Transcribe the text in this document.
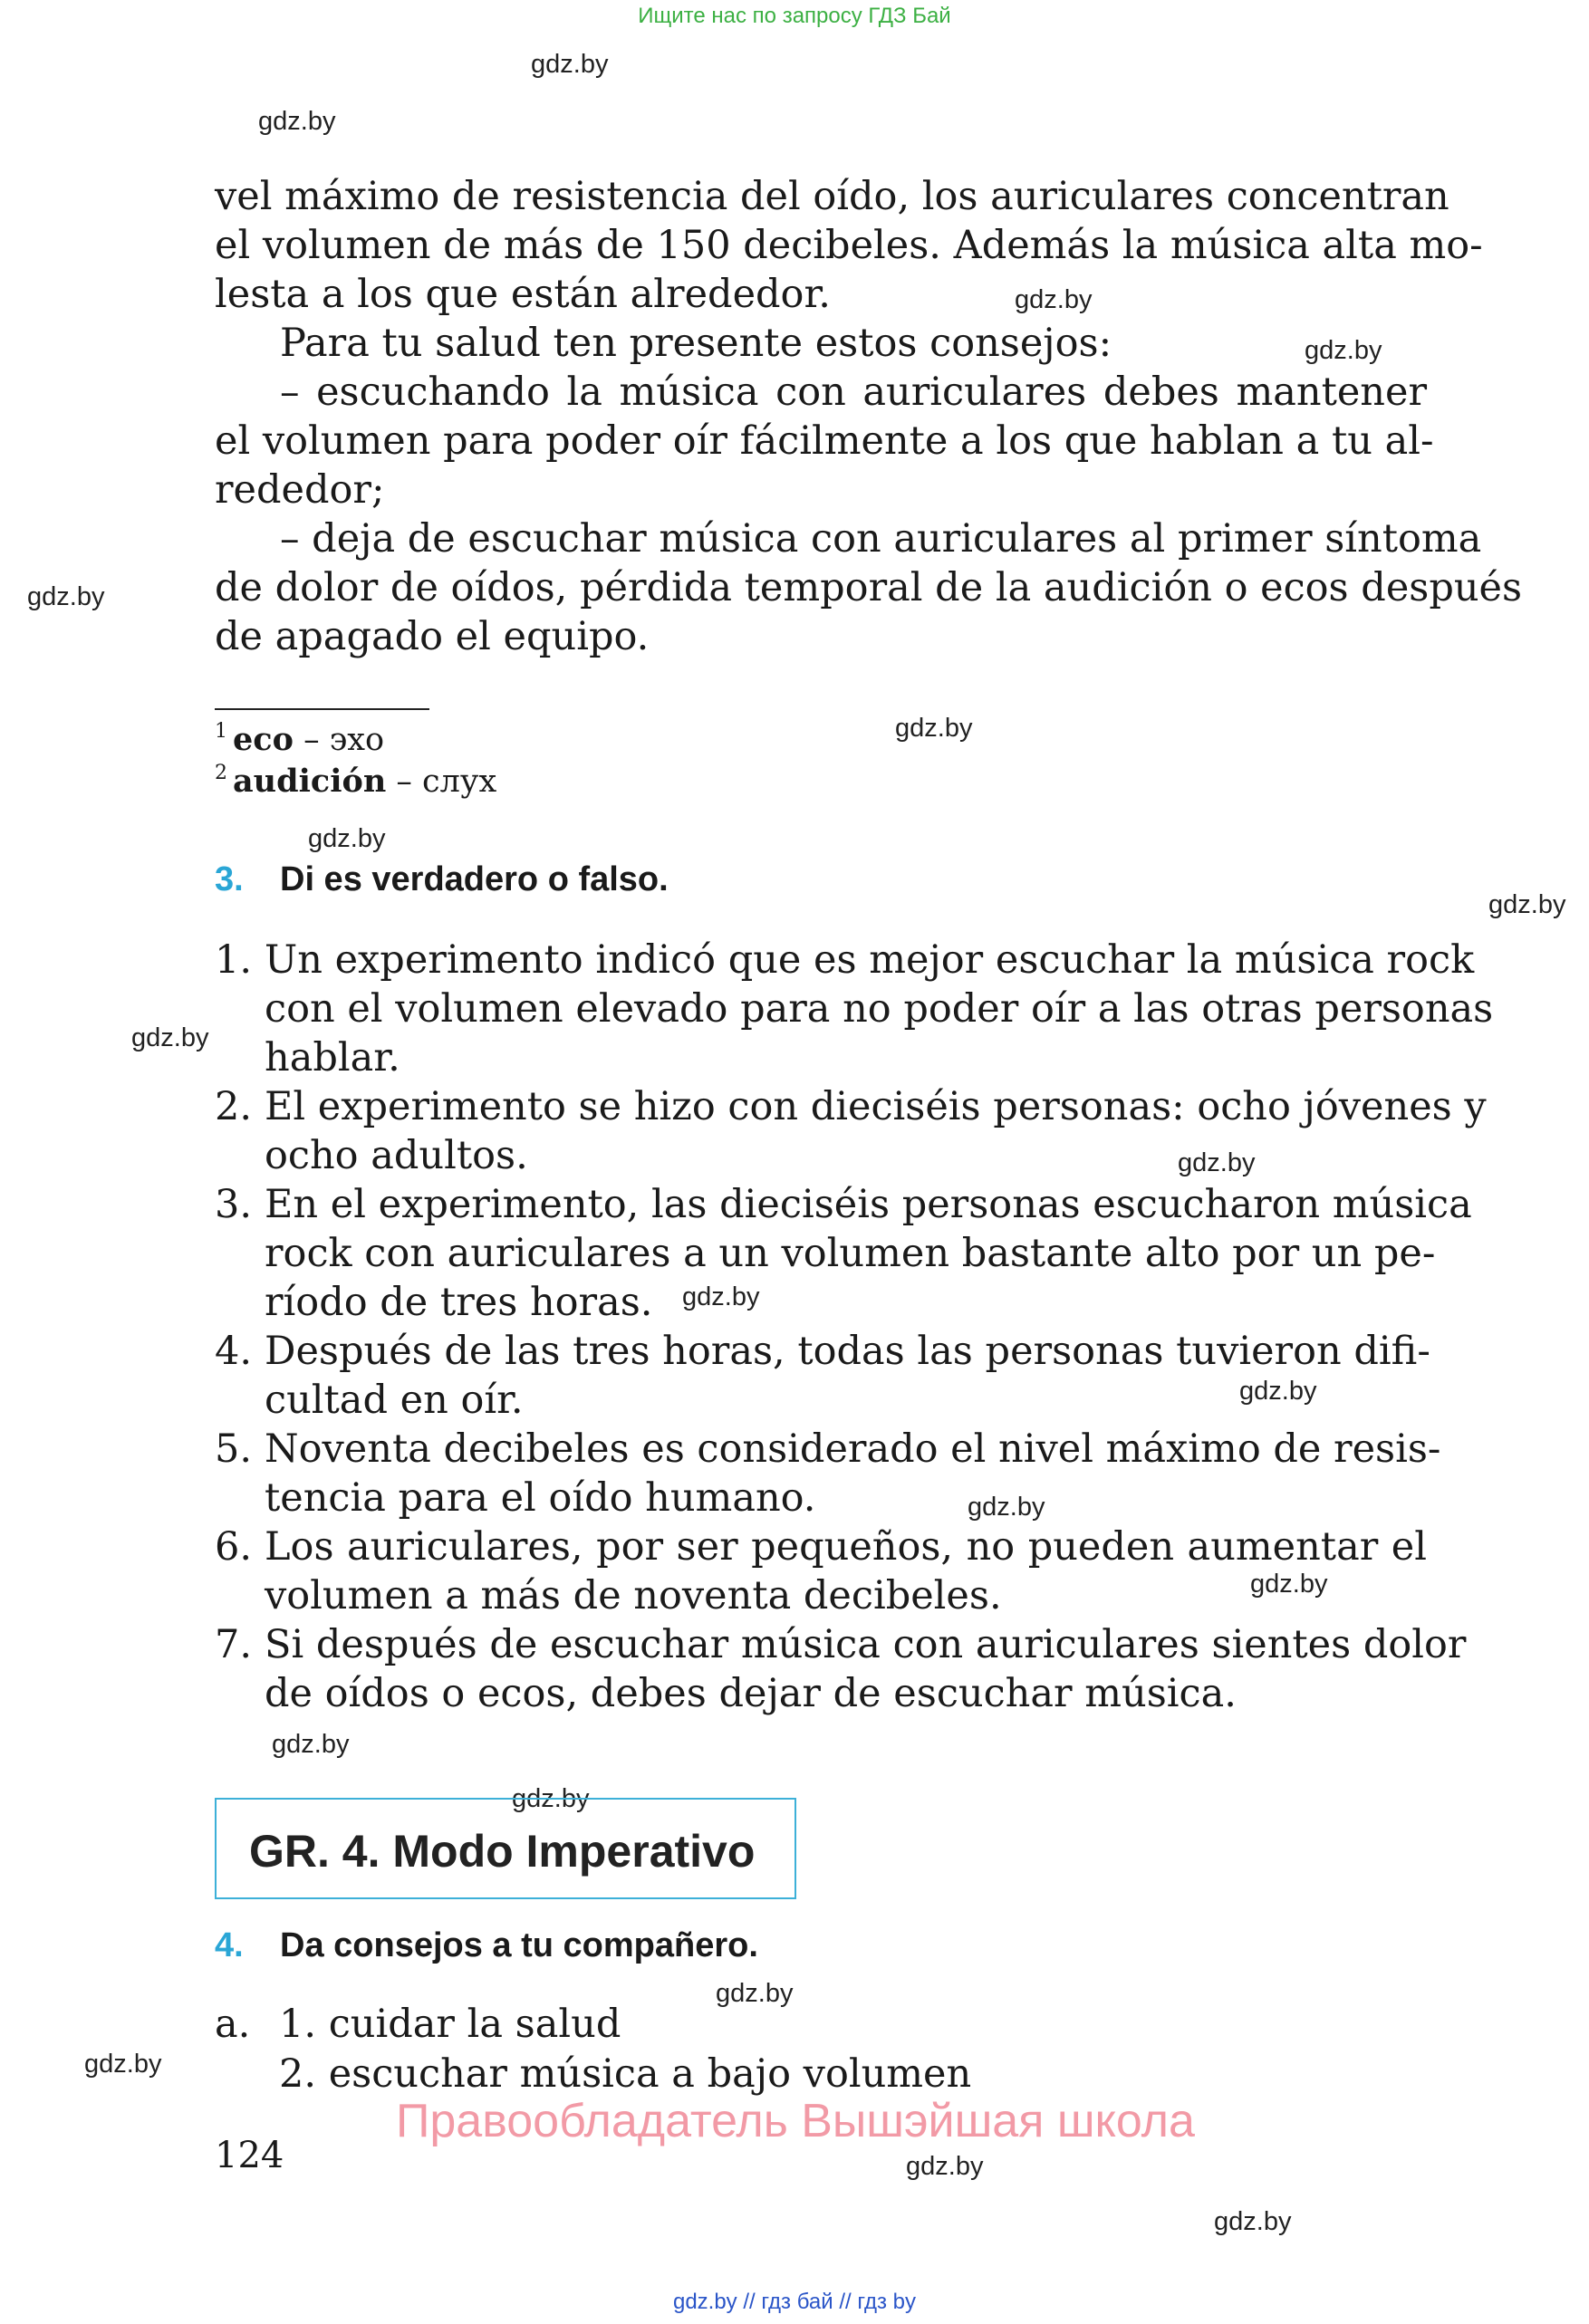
Ищите нас по запросу ГДЗ Бай
gdz.by
gdz.by
gdz.by
gdz.by
gdz.by
gdz.by
gdz.by
gdz.by
gdz.by
gdz.by
gdz.by
gdz.by
gdz.by
gdz.by
gdz.by
gdz.by
gdz.by
gdz.by
gdz.by
gdz.by
vel máximo de resistencia del oído, los auriculares concentran
el volumen de más de 150 decibeles. Además la música alta mo-
lesta a los que están alrededor.
Para tu salud ten presente estos consejos:
– escuchando la música con auriculares debes mantener
el volumen para poder oír fácilmente a los que hablan a tu al-
rededor;
– deja de escuchar música con auriculares al primer síntoma
de dolor de oídos, pérdida temporal de la audición o ecos después
de apagado el equipo.
$^1$ eco – эхо
$^2$ audición – слух
3. Di es verdadero o falso.
1. Un experimento indicó que es mejor escuchar la música rock
con el volumen elevado para no poder oír a las otras personas
hablar.
2. El experimento se hizo con dieciséis personas: ocho jóvenes y
ocho adultos.
3. En el experimento, las dieciséis personas escucharon música
rock con auriculares a un volumen bastante alto por un pe-
ríodo de tres horas.
4. Después de las tres horas, todas las personas tuvieron difi-
cultad en oír.
5. Noventa decibeles es considerado el nivel máximo de resis-
tencia para el oído humano.
6. Los auriculares, por ser pequeños, no pueden aumentar el
volumen a más de noventa decibeles.
7. Si después de escuchar música con auriculares sientes dolor
de oídos o ecos, debes dejar de escuchar música.
GR. 4. Modo Imperativo
4. Da consejos a tu compañero.
a. 1. cuidar la salud
2. escuchar música a bajo volumen
Правообладатель Вышэйшая школа
124
gdz.by // гдз бай // гдз by
